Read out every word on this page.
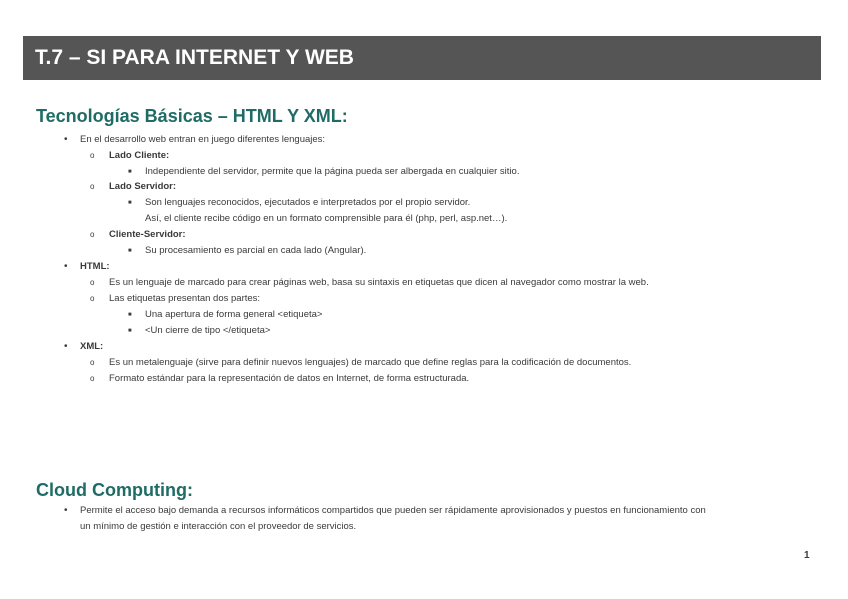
T.7 – SI PARA INTERNET Y WEB
Tecnologías Básicas – HTML Y XML:
• En el desarrollo web entran en juego diferentes lenguajes:
o Lado Cliente:
■ Independiente del servidor, permite que la página pueda ser albergada en cualquier sitio.
o Lado Servidor:
■ Son lenguajes reconocidos, ejecutados e interpretados por el propio servidor.
Así, el cliente recibe código en un formato comprensible para él (php, perl, asp.net…).
o Cliente-Servidor:
■ Su procesamiento es parcial en cada lado (Angular).
• HTML:
o Es un lenguaje de marcado para crear páginas web, basa su sintaxis en etiquetas que dicen al navegador como mostrar la web.
o Las etiquetas presentan dos partes:
■ Una apertura de forma general <etiqueta>
■ <Un cierre de tipo </etiqueta>
• XML:
o Es un metalenguaje (sirve para definir nuevos lenguajes) de marcado que define reglas para la codificación de documentos.
o Formato estándar para la representación de datos en Internet, de forma estructurada.
Cloud Computing:
• Permite el acceso bajo demanda a recursos informáticos compartidos que pueden ser rápidamente aprovisionados y puestos en funcionamiento con
un mínimo de gestión e interacción con el proveedor de servicios.
1
